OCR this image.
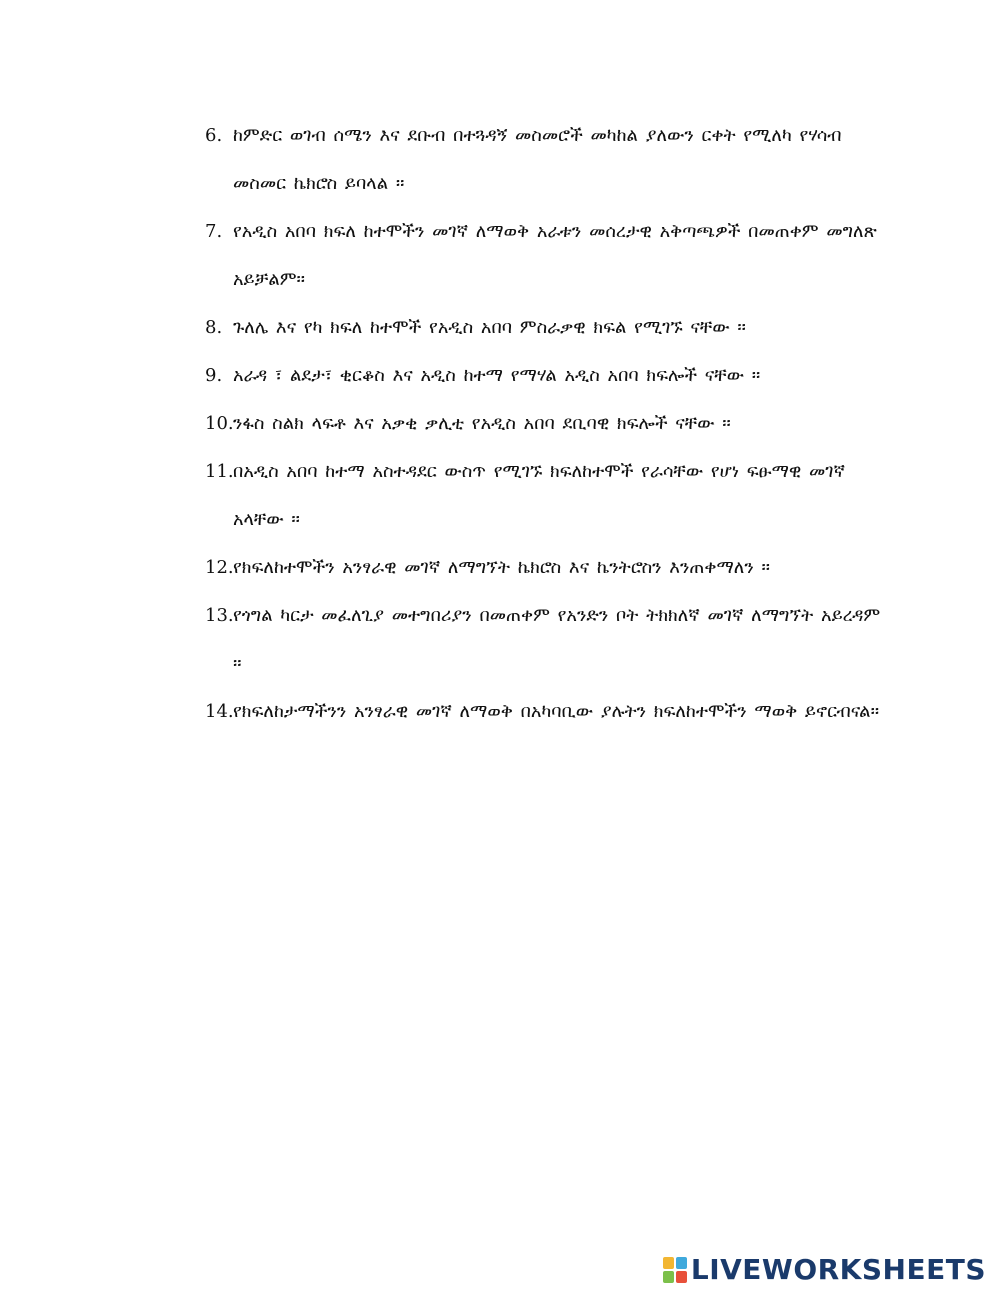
6. ከምድር ወገብ ሰሜን እና ደቡብ በተጓዳኝ መስመሮች መካከል ያለውን ርቀት የሚለካ የሃሳብ መስመር ኬክሮስ ይባላል ፡፡
7. የአዲስ አበባ ክፍለ ከተሞችን መገኛ ለማወቅ አራቱን መሰረታዊ አቅጣጫዎች በመጠቀም መግለጽ አይቻልም፡፡
8. ጉለሌ እና የካ ክፍለ ከተሞች የአዲስ አበባ ምስራቃዊ ክፍል የሚገኙ ናቸው ፡፡
9. አራዳ ፣ ልደታ፣ ቂርቆስ እና አዲስ ከተማ የማሃል አዲስ አበባ ክፍሎች ናቸው ፡፡
10. ንፋስ ስልክ ላፍቶ እና አቃቂ ቃሊቲ የአዲስ አበባ ደቢባዊ ክፍሎች ናቸው ፡፡
11. በአዲስ አበባ ከተማ አስተዳደር ውስጥ የሚገኙ ክፍለከተሞች የራሳቸው የሆነ ፍፁማዊ መገኛ አላቸው ፡፡
12. የክፍለከተሞችን አንፃራዊ መገኛ ለማግኘት ኬክሮስ እና ኬንትሮስን እንጠቀማለን ፡፡
13. የጎግል ካርታ መፈለጊያ መተግበሪያን በመጠቀም የአንድን ቦት ትክክለኛ መገኛ ለማግኘት አይረዳም ፡፡
14. የክፍለከታማችንን አንፃራዊ መገኛ ለማወቅ በአካባቢው ያሉትን ክፍለከተሞችን ማወቅ ይኖርብናል፡፡
LIVEWORKSHEETS
